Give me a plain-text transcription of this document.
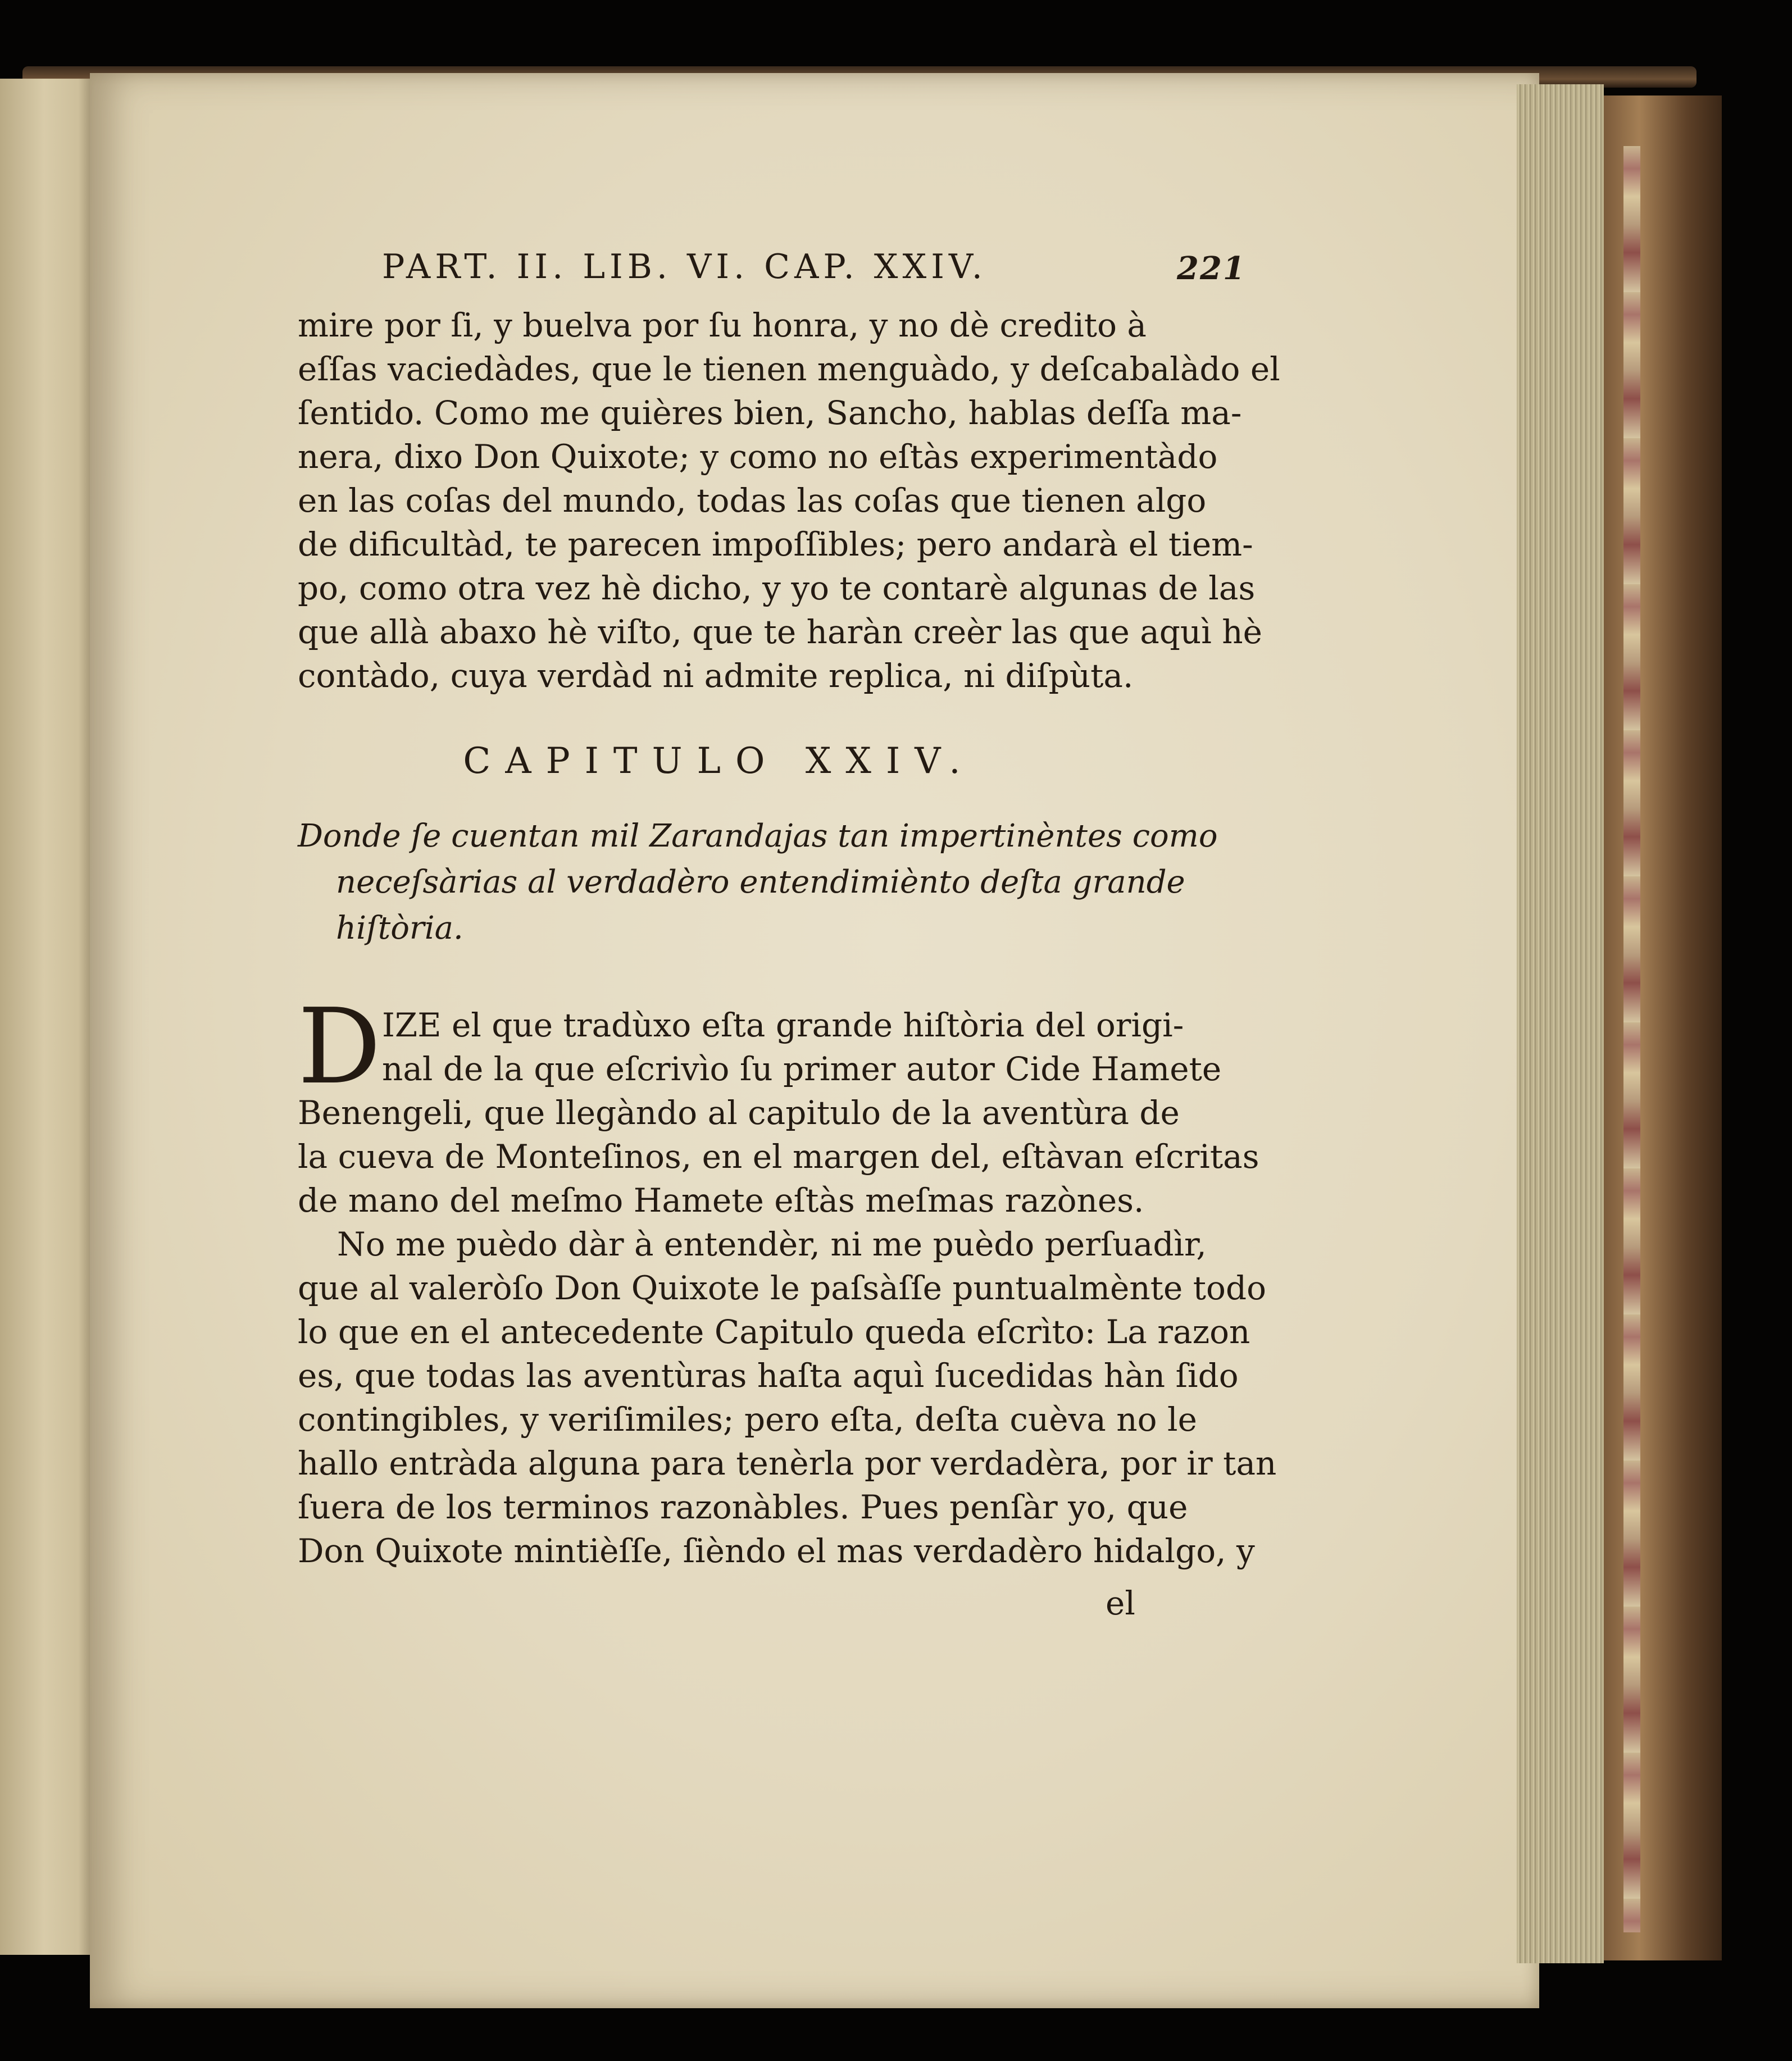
PART. II. LIB. VI. CAP. XXIV.	221
mire por ſi, y buelva por ſu honra, y no dè credito à
eſſas vaciedàdes, que le tienen menguàdo, y deſcabalàdo el
ſentido. Como me quières bien, Sancho, hablas deſſa ma-
nera, dixo Don Quixote; y como no eſtàs experimentàdo
en las coſas del mundo, todas las coſas que tienen algo
de dificultàd, te parecen impoſſibles; pero andarà el tiem-
po, como otra vez hè dicho, y yo te contarè algunas de las
que allà abaxo hè viſto, que te haràn creèr las que aquì hè
contàdo, cuya verdàd ni admite replica, ni diſpùta.
CAPITULO XXIV.
Donde ſe cuentan mil Zarandajas tan impertinèntes como
neceſsàrias al verdadèro entendimiènto deſta grande
hiſtòria.
D IZE el que tradùxo eſta grande hiſtòria del origi-
nal de la que eſcrivìo ſu primer autor Cide Hamete
Benengeli, que llegàndo al capitulo de la aventùra de
la cueva de Monteſinos, en el margen del, eſtàvan eſcritas
de mano del meſmo Hamete eſtàs meſmas razònes.
No me puèdo dàr à entendèr, ni me puèdo perſuadìr,
que al valeròſo Don Quixote le paſsàſſe puntualmènte todo
lo que en el antecedente Capitulo queda eſcrìto: La razon
es, que todas las aventùras haſta aquì ſucedidas hàn ſido
contingibles, y veriſimiles; pero eſta, deſta cuèva no le
hallo entràda alguna para tenèrla por verdadèra, por ir tan
ſuera de los terminos razonàbles. Pues penſàr yo, que
Don Quixote mintièſſe, ſièndo el mas verdadèro hidalgo, y
el
